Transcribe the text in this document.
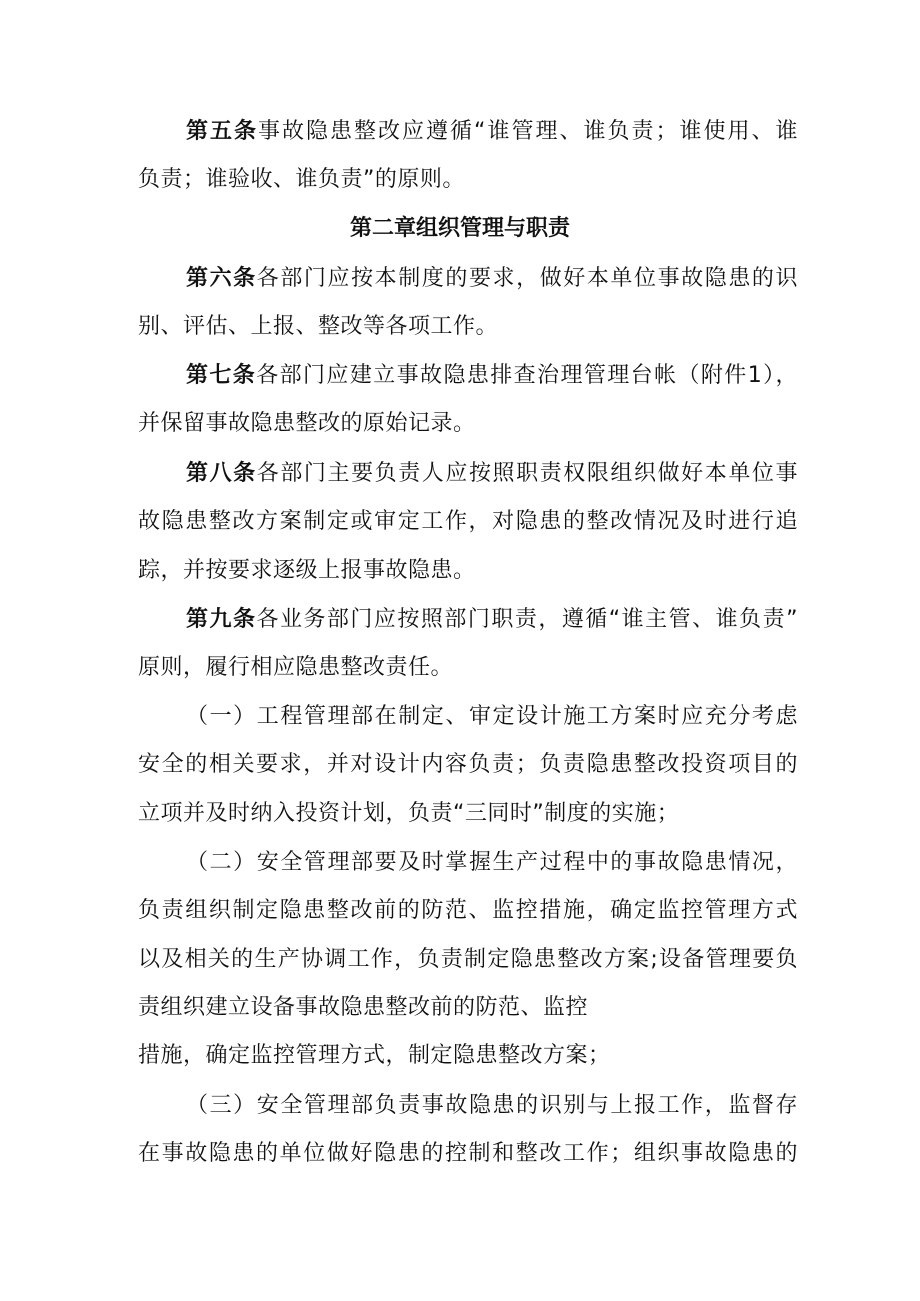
第五条事故隐患整改应遵循“谁管理、谁负责；谁使用、谁
负责；谁验收、谁负责”的原则。
第二章组织管理与职责
第六条各部门应按本制度的要求，做好本单位事故隐患的识
别、评估、上报、整改等各项工作。
第七条各部门应建立事故隐患排查治理管理台帐（附件1），
并保留事故隐患整改的原始记录。
第八条各部门主要负责人应按照职责权限组织做好本单位事
故隐患整改方案制定或审定工作，对隐患的整改情况及时进行追
踪，并按要求逐级上报事故隐患。
第九条各业务部门应按照部门职责，遵循“谁主管、谁负责”
原则，履行相应隐患整改责任。
（一）工程管理部在制定、审定设计施工方案时应充分考虑
安全的相关要求，并对设计内容负责；负责隐患整改投资项目的
立项并及时纳入投资计划，负责“三同时”制度的实施；
（二）安全管理部要及时掌握生产过程中的事故隐患情况，
负责组织制定隐患整改前的防范、监控措施，确定监控管理方式
以及相关的生产协调工作，负责制定隐患整改方案;设备管理要负
责组织建立设备事故隐患整改前的防范、监控
措施，确定监控管理方式，制定隐患整改方案；
（三）安全管理部负责事故隐患的识别与上报工作，监督存
在事故隐患的单位做好隐患的控制和整改工作；组织事故隐患的
